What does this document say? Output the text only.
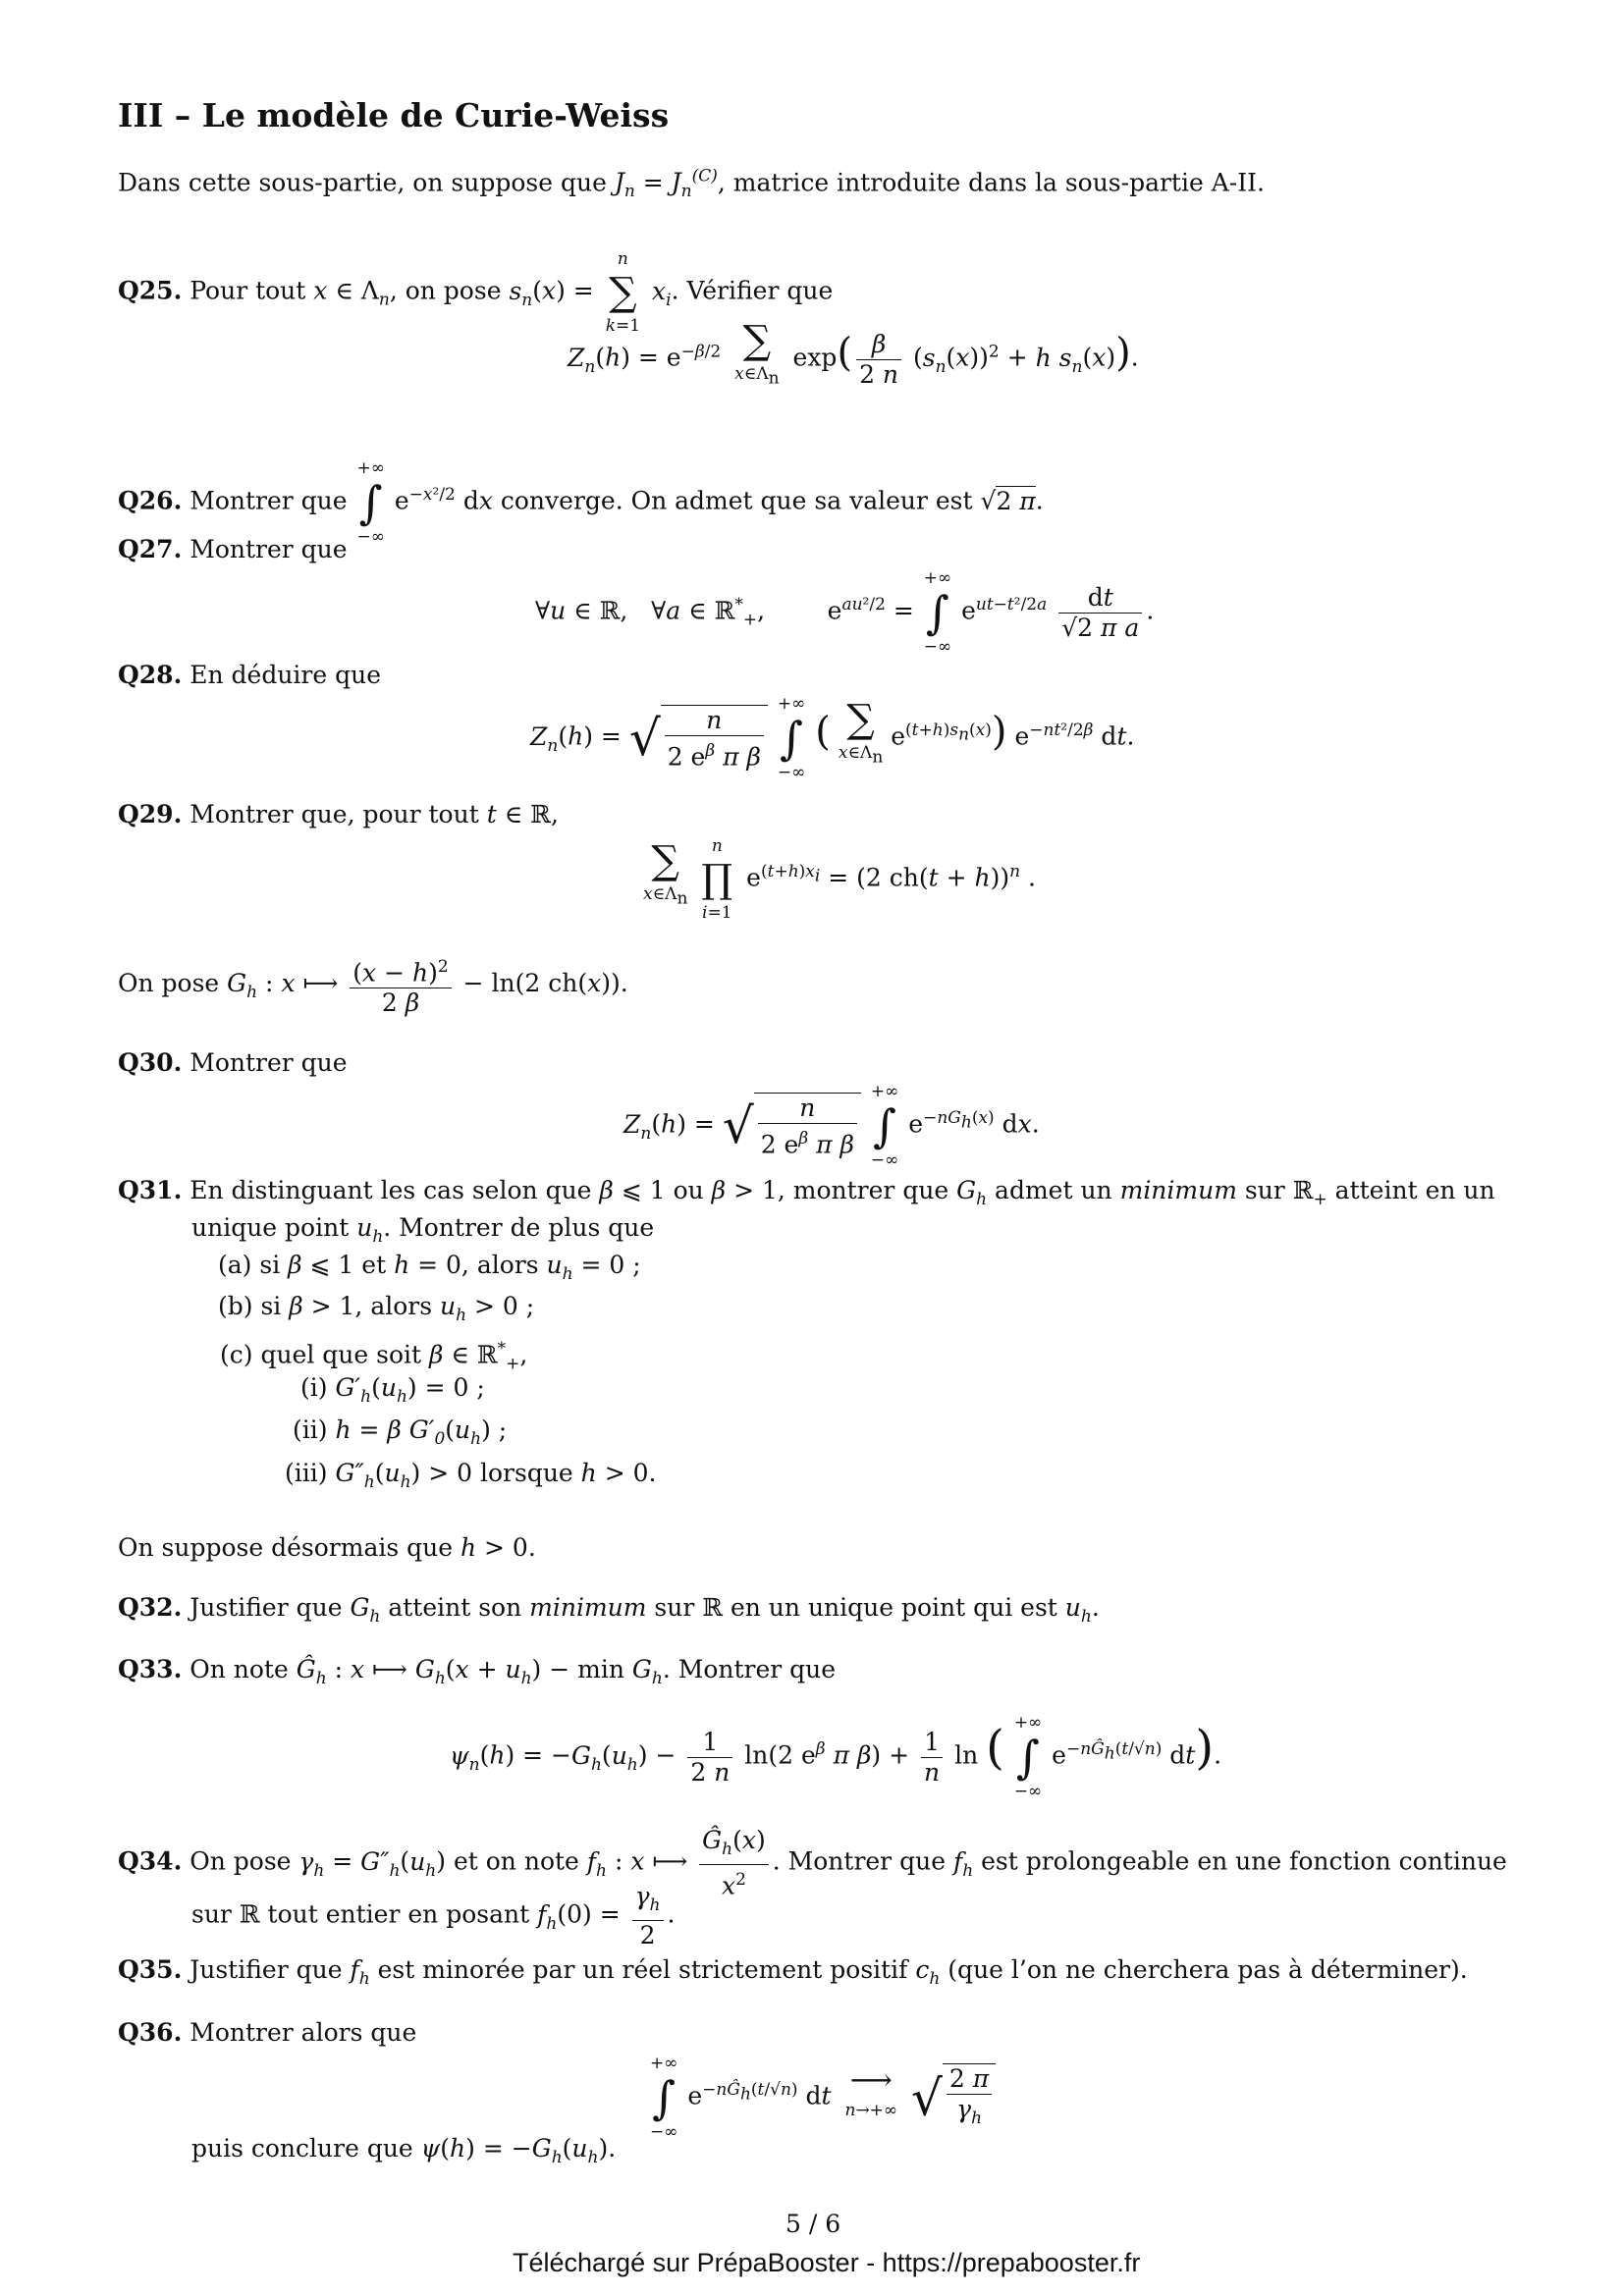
III – Le modèle de Curie-Weiss
Dans cette sous-partie, on suppose que $J_n = J_n^{(C)}$, matrice introduite dans la sous-partie A-II.
Q25. Pour tout x ∈ $\Lambda_n$, on pose $s_n(x)$ =
n
∑
k=1
$x_i$. Vérifier que
$Z_n(h) = e^{-\beta/2}$ ∑
$x\in\Lambda_n$
$\exp( \frac{\beta}{2 n} (s_n(x))^2 + h$ $s_n(x)$).
Q26. Montrer que
+∞
∫
−∞
$e^{-x^2/2}$ dx converge. On admet que sa valeur est √2 π.
Q27. Montrer que
∀u ∈ ℝ,   ∀a ∈ ℝ*$_+$,        $e^{au^2/2}$ =
+∞
∫
−∞
$e^{ut-t^2/2a} \frac{dt}{\text{√2 π a}}$ .
Q28. En déduire que
$Z_n(h)$ = √ $\frac{n}{2 e^\beta \pi \beta}$

+∞
∫
−∞
( ∑
$x\in\Lambda_n$
$e^{(t+h)s_n(x)}$) $e^{-nt^2/2\beta}$ dt.
Q29. Montrer que, pour tout t ∈ ℝ,
∑
$x\in\Lambda_n$

n
∏
i=1
$e^{(t+h)x_i} = (2$ ch(t + h))$^n$ .
On pose $G_h$ : x ⟼ $\frac{(x - h)^2}{2 \beta} - \ln(2$ ch(x)).
Q30. Montrer que
$Z_n(h)$ = √ $\frac{n}{2 e^\beta \pi \beta}$

+∞
∫
−∞
$e^{-nG_h(x)}$ dx.
Q31. En distinguant les cas selon que β ⩽ 1 ou β > 1, montrer que $G_h$ admet un minimum sur ℝ$_+$ atteint en un
unique point $u_h$. Montrer de plus que
(a) si β ⩽ 1 et h = 0, alors $u_h = 0$ ;
(b) si β > 1, alors $u_h > 0$ ;
(c) quel que soit β ∈ ℝ*$_+$,
(i) $G'_h(u_h) = 0$ ;
(ii) h = β $G'_0(u_h)$ ;
(iii) $G''_h(u_h) > 0$ lorsque h > 0.
On suppose désormais que h > 0.
Q32. Justifier que $G_h$ atteint son minimum sur ℝ en un unique point qui est $u_h$.
Q33. On note $Ĝ_h$ : x ⟼ $G_h(x + u_h) - \min G_h$. Montrer que
$\psi_n(h) = -G_h(u_h) - \frac{1}{2 n} \ln(2$ $e^\beta$ π $\beta) + \frac{1}{n}$ ln ( +∞
∫
−∞
$e^{-nĜ_h(t/√n)}$ dt).
Q34. On pose $\gamma_h = G''_h(u_h)$ et on note $f_h$ : x ⟼ $\frac{Ĝ_h(x)}{x^2}$ . Montrer que $f_h$ est prolongeable en une fonction continue
sur ℝ tout entier en posant $f_h(0) = \frac{\gamma_h}{2}$ .
Q35. Justifier que $f_h$ est minorée par un réel strictement positif $c_h$ (que l’on ne cherchera pas à déterminer).
Q36. Montrer alors que
+∞
∫
−∞
$e^{-nĜ_h(t/√n)}$ dt ⟶
n→+∞ √ $\frac{2 \pi}{\gamma_h}$
puis conclure que $\psi(h) = -G_h(u_h)$.
5 / 6
Téléchargé sur PrépaBooster - https://prepabooster.fr
